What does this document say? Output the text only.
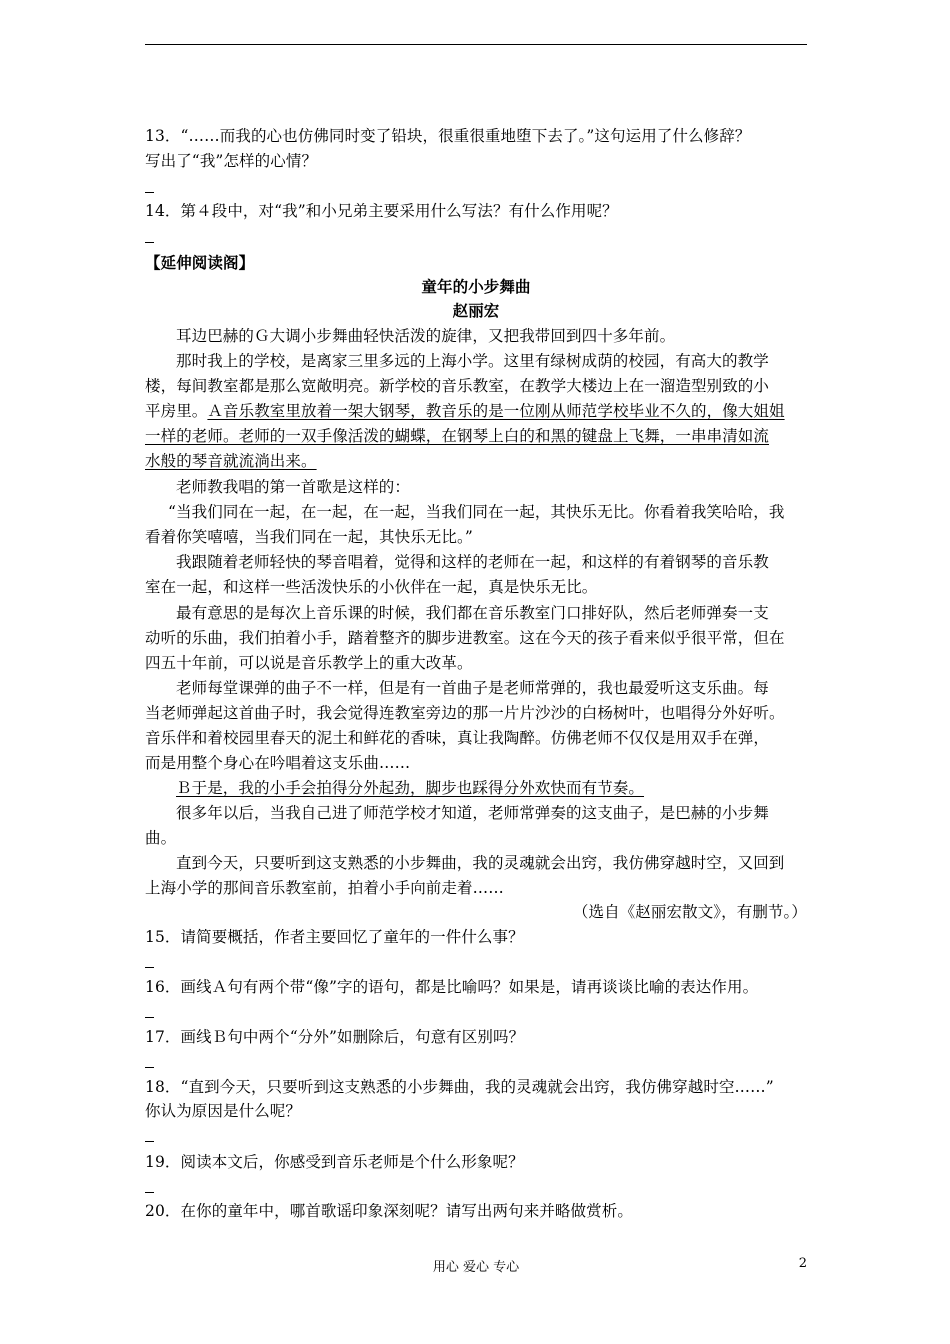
13．“……而我的心也仿佛同时变了铅块，很重很重地堕下去了。”这句运用了什么修辞？
写出了“我”怎样的心情？
14．第４段中，对“我”和小兄弟主要采用什么写法？有什么作用呢？
【延伸阅读阁】
童年的小步舞曲
赵丽宏
耳边巴赫的Ｇ大调小步舞曲轻快活泼的旋律，又把我带回到四十多年前。
那时我上的学校，是离家三里多远的上海小学。这里有绿树成荫的校园，有高大的教学
楼，每间教室都是那么宽敞明亮。新学校的音乐教室，在教学大楼边上在一溜造型别致的小
平房里。Ａ音乐教室里放着一架大钢琴，教音乐的是一位刚从师范学校毕业不久的，像大姐姐
一样的老师。老师的一双手像活泼的蝴蝶，在钢琴上白的和黑的键盘上飞舞，一串串清如流
水般的琴音就流淌出来。
老师教我唱的第一首歌是这样的：
“当我们同在一起，在一起，在一起，当我们同在一起，其快乐无比。你看着我笑哈哈，我
看着你笑嘻嘻，当我们同在一起，其快乐无比。”
我跟随着老师轻快的琴音唱着，觉得和这样的老师在一起，和这样的有着钢琴的音乐教
室在一起，和这样一些活泼快乐的小伙伴在一起，真是快乐无比。
最有意思的是每次上音乐课的时候，我们都在音乐教室门口排好队，然后老师弹奏一支
动听的乐曲，我们拍着小手，踏着整齐的脚步进教室。这在今天的孩子看来似乎很平常，但在
四五十年前，可以说是音乐教学上的重大改革。
老师每堂课弹的曲子不一样，但是有一首曲子是老师常弹的，我也最爱听这支乐曲。每
当老师弹起这首曲子时，我会觉得连教室旁边的那一片片沙沙的白杨树叶，也唱得分外好听。
音乐伴和着校园里春天的泥土和鲜花的香味，真让我陶醉。仿佛老师不仅仅是用双手在弹，
而是用整个身心在吟唱着这支乐曲……
Ｂ于是，我的小手会拍得分外起劲，脚步也踩得分外欢快而有节奏。
很多年以后，当我自己进了师范学校才知道，老师常弹奏的这支曲子，是巴赫的小步舞
曲。
直到今天，只要听到这支熟悉的小步舞曲，我的灵魂就会出窍，我仿佛穿越时空，又回到
上海小学的那间音乐教室前，拍着小手向前走着……
（选自《赵丽宏散文》，有删节。）
15．请简要概括，作者主要回忆了童年的一件什么事？
16．画线Ａ句有两个带“像”字的语句，都是比喻吗？如果是，请再谈谈比喻的表达作用。
17．画线Ｂ句中两个“分外”如删除后，句意有区别吗？
18．“直到今天，只要听到这支熟悉的小步舞曲，我的灵魂就会出窍，我仿佛穿越时空……”
你认为原因是什么呢？
19．阅读本文后，你感受到音乐老师是个什么形象呢？
20．在你的童年中，哪首歌谣印象深刻呢？请写出两句来并略做赏析。
用心 爱心 专心	2
